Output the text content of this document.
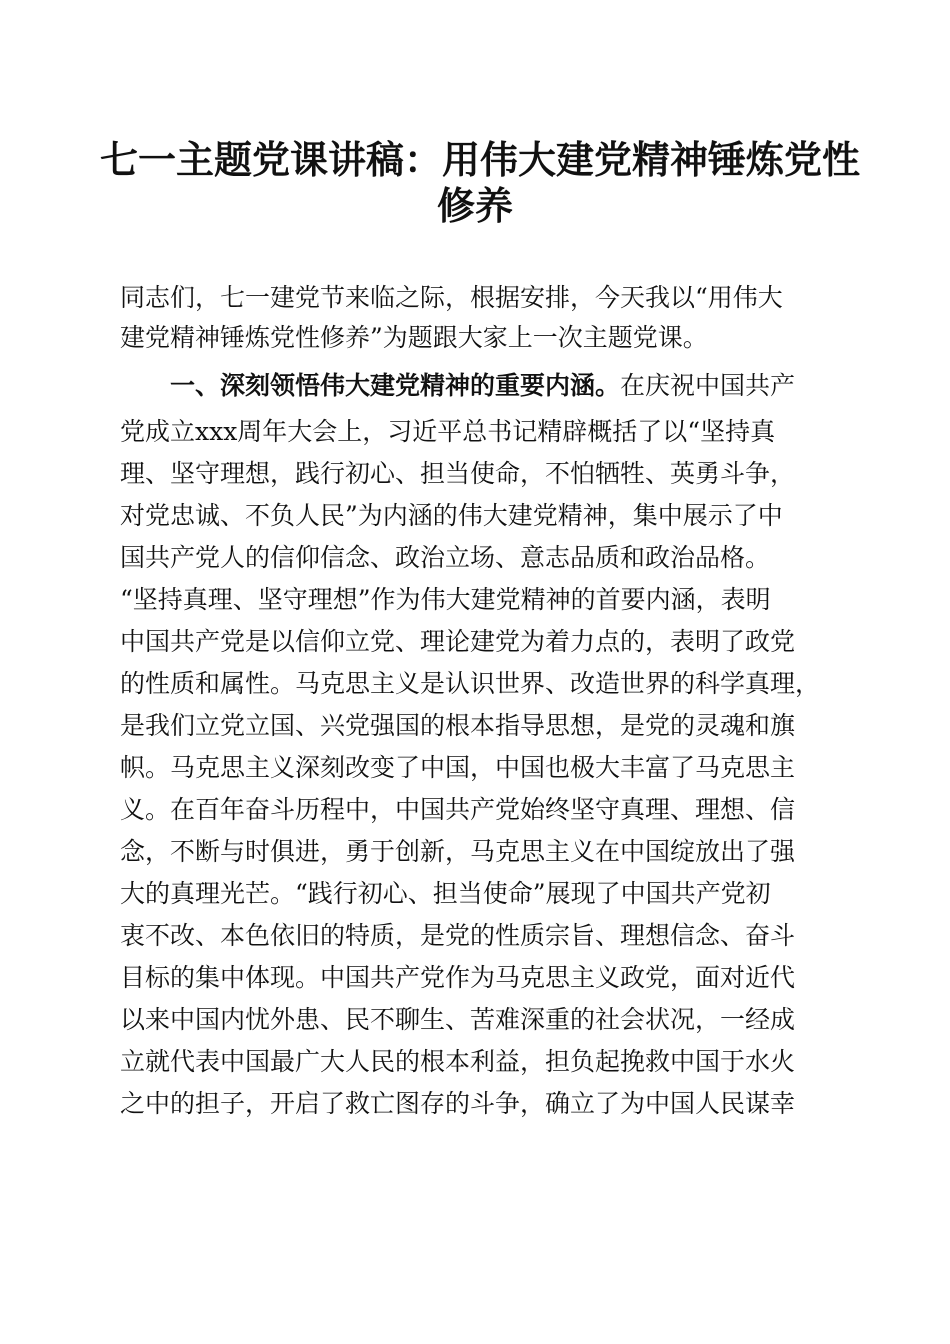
七一主题党课讲稿：用伟大建党精神锤炼党性
修养
同志们，七一建党节来临之际，根据安排，今天我以“用伟大
建党精神锤炼党性修养”为题跟大家上一次主题党课。
一、深刻领悟伟大建党精神的重要内涵。在庆祝中国共产
党成立xxx周年大会上，习近平总书记精辟概括了以“坚持真
理、坚守理想，践行初心、担当使命，不怕牺牲、英勇斗争，
对党忠诚、不负人民”为内涵的伟大建党精神，集中展示了中
国共产党人的信仰信念、政治立场、意志品质和政治品格。
“坚持真理、坚守理想”作为伟大建党精神的首要内涵，表明
中国共产党是以信仰立党、理论建党为着力点的，表明了政党
的性质和属性。马克思主义是认识世界、改造世界的科学真理，
是我们立党立国、兴党强国的根本指导思想，是党的灵魂和旗
帜。马克思主义深刻改变了中国，中国也极大丰富了马克思主
义。在百年奋斗历程中，中国共产党始终坚守真理、理想、信
念，不断与时俱进，勇于创新，马克思主义在中国绽放出了强
大的真理光芒。“践行初心、担当使命”展现了中国共产党初
衷不改、本色依旧的特质，是党的性质宗旨、理想信念、奋斗
目标的集中体现。中国共产党作为马克思主义政党，面对近代
以来中国内忧外患、民不聊生、苦难深重的社会状况，一经成
立就代表中国最广大人民的根本利益，担负起挽救中国于水火
之中的担子，开启了救亡图存的斗争，确立了为中国人民谋幸
